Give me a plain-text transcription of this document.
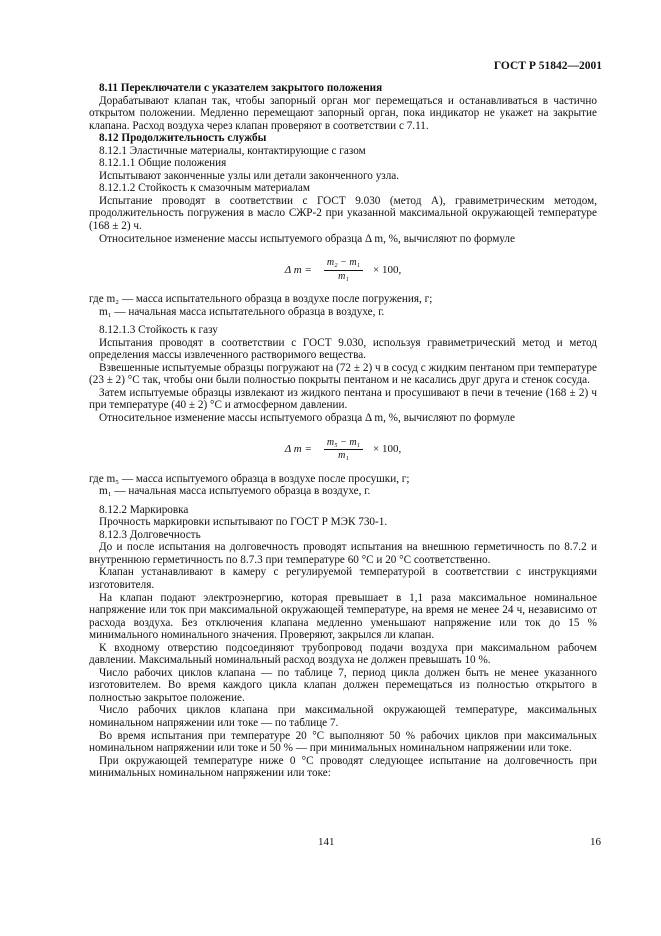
ГОСТ Р 51842—2001

8.11 Переключатели с указателем закрытого положения

Дорабатывают клапан так, чтобы запорный орган мог перемещаться и останавливаться в частично открытом положении. Медленно перемещают запорный орган, пока индикатор не укажет на закрытие клапана. Расход воздуха через клапан проверяют в соответствии с 7.11.

8.12 Продолжительность службы

8.12.1 Эластичные материалы, контактирующие с газом

8.12.1.1 Общие положения

Испытывают законченные узлы или детали законченного узла.

8.12.1.2 Стойкость к смазочным материалам

Испытание проводят в соответствии с ГОСТ 9.030 (метод А), гравиметрическим методом, продолжительность погружения в масло СЖР-2 при указанной максимальной окружающей температуре (168 ± 2) ч.

Относительное изменение массы испытуемого образца Δ m, %, вычисляют по формуле

Δ $m = \frac{\text{m₂ − m₁}}{\text{m₁}} \times 100$,

где m₂ — масса испытательного образца в воздухе после погружения, г;

m₁ — начальная масса испытательного образца в воздухе, г.

8.12.1.3 Стойкость к газу

Испытания проводят в соответствии с ГОСТ 9.030, используя гравиметрический метод и метод определения массы извлеченного растворимого вещества.

Взвешенные испытуемые образцы погружают на (72 ± 2) ч в сосуд с жидким пентаном при температуре (23 ± 2) °С так, чтобы они были полностью покрыты пентаном и не касались друг друга и стенок сосуда.

Затем испытуемые образцы извлекают из жидкого пентана и просушивают в печи в течение (168 ± 2) ч при температуре (40 ± 2) °С и атмосферном давлении.

Относительное изменение массы испытуемого образца Δ m, %, вычисляют по формуле

Δ $m = \frac{\text{m₅ − m₁}}{\text{m₁}} \times 100$,

где m₅ — масса испытуемого образца в воздухе после просушки, г;

m₁ — начальная масса испытуемого образца в воздухе, г.

8.12.2 Маркировка

Прочность маркировки испытывают по ГОСТ Р МЭК 730-1.

8.12.3 Долговечность

До и после испытания на долговечность проводят испытания на внешнюю герметичность по 8.7.2 и внутреннюю герметичность по 8.7.3 при температуре 60 °С и 20 °С соответственно.

Клапан устанавливают в камеру с регулируемой температурой в соответствии с инструкциями изготовителя.

На клапан подают электроэнергию, которая превышает в 1,1 раза максимальное номинальное напряжение или ток при максимальной окружающей температуре, на время не менее 24 ч, независимо от расхода воздуха. Без отключения клапана медленно уменьшают напряжение или ток до 15 % минимального номинального значения. Проверяют, закрылся ли клапан.

К входному отверстию подсоединяют трубопровод подачи воздуха при максимальном рабочем давлении. Максимальный номинальный расход воздуха не должен превышать 10 %.

Число рабочих циклов клапана — по таблице 7, период цикла должен быть не менее указанного изготовителем. Во время каждого цикла клапан должен перемещаться из полностью открытого в полностью закрытое положение.

Число рабочих циклов клапана при максимальной окружающей температуре, максимальных номинальном напряжении или токе — по таблице 7.

Во время испытания при температуре 20 °С выполняют 50 % рабочих циклов при максимальных номинальном напряжении или токе и 50 % — при минимальных номинальном напряжении или токе.

При окружающей температуре ниже 0 °С проводят следующее испытание на долговечность при минимальных номинальном напряжении или токе:

141	16
